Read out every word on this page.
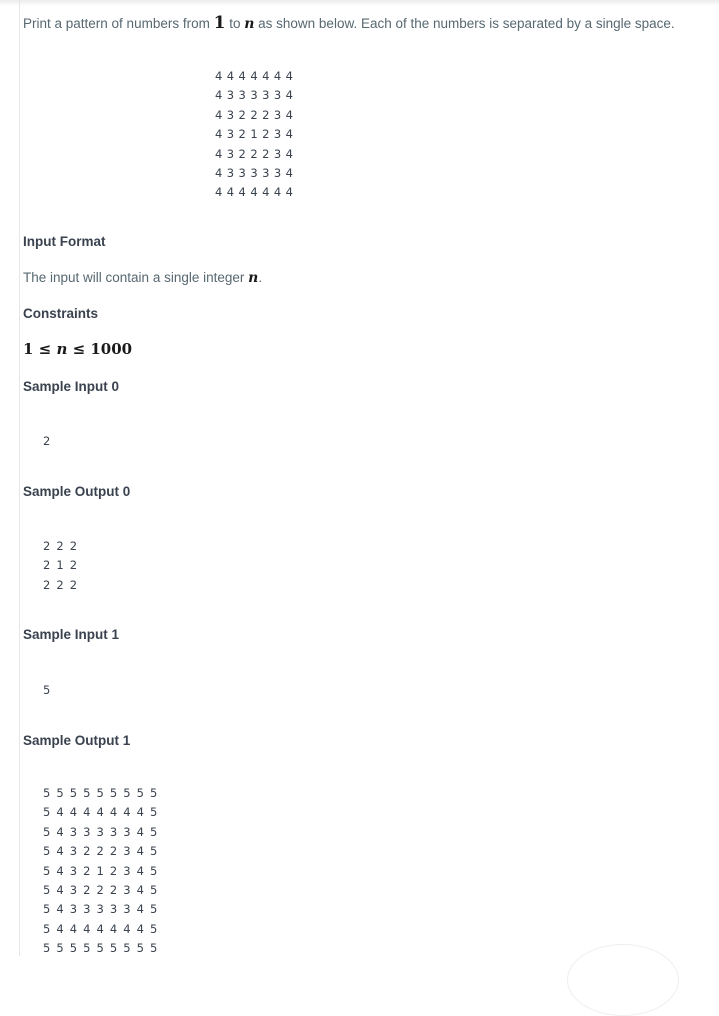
Print a pattern of numbers from 1 to n as shown below. Each of the numbers is separated by a single space.
4 4 4 4 4 4 4
4 3 3 3 3 3 4
4 3 2 2 2 3 4
4 3 2 1 2 3 4
4 3 2 2 2 3 4
4 3 3 3 3 3 4
4 4 4 4 4 4 4
Input Format
The input will contain a single integer n.
Constraints
1 ≤ n ≤ 1000
Sample Input 0
2
Sample Output 0
2 2 2
2 1 2
2 2 2
Sample Input 1
5
Sample Output 1
5 5 5 5 5 5 5 5 5
5 4 4 4 4 4 4 4 5
5 4 3 3 3 3 3 4 5
5 4 3 2 2 2 3 4 5
5 4 3 2 1 2 3 4 5
5 4 3 2 2 2 3 4 5
5 4 3 3 3 3 3 4 5
5 4 4 4 4 4 4 4 5
5 5 5 5 5 5 5 5 5
